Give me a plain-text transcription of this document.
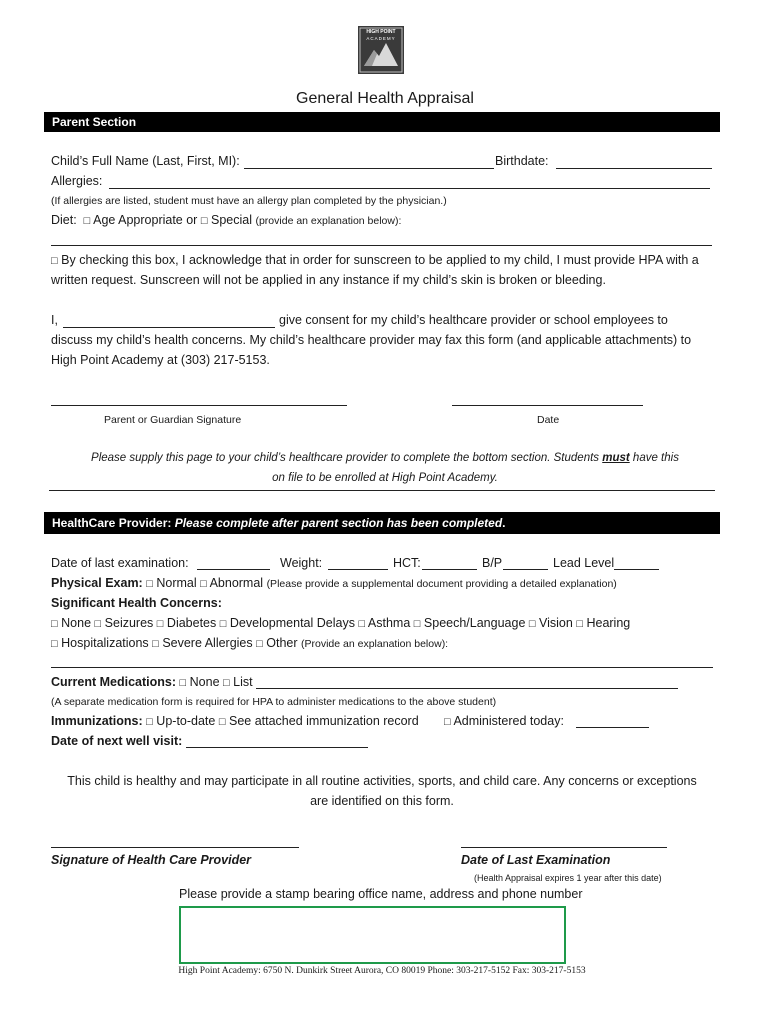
HIGH POINT
ACADEMY
General Health Appraisal
Parent Section
Child’s Full Name (Last, First, MI):	Birthdate:
Allergies:
(If allergies are listed, student must have an allergy plan completed by the physician.)
Diet: □ Age Appropriate or □ Special (provide an explanation below):
□ By checking this box, I acknowledge that in order for sunscreen to be applied to my child, I must provide HPA with a
written request. Sunscreen will not be applied in any instance if my child’s skin is broken or bleeding.
I,	give consent for my child’s healthcare provider or school employees to
discuss my child’s health concerns. My child’s healthcare provider may fax this form (and applicable attachments) to
High Point Academy at (303) 217-5153.
Parent or Guardian Signature	Date
Please supply this page to your child’s healthcare provider to complete the bottom section. Students must have this
on file to be enrolled at High Point Academy.
HealthCare Provider: Please complete after parent section has been completed.
Date of last examination:	Weight:	HCT:	B/P	Lead Level
Physical Exam: □ Normal □ Abnormal (Please provide a supplemental document providing a detailed explanation)
Significant Health Concerns:
□ None □ Seizures □ Diabetes □ Developmental Delays □ Asthma □ Speech/Language □ Vision □ Hearing
□ Hospitalizations □ Severe Allergies □ Other (Provide an explanation below):
Current Medications: □ None □ List
(A separate medication form is required for HPA to administer medications to the above student)
Immunizations: □ Up-to-date □ See attached immunization record □ Administered today:
Date of next well visit:
This child is healthy and may participate in all routine activities, sports, and child care. Any concerns or exceptions
are identified on this form.
Signature of Health Care Provider	Date of Last Examination
(Health Appraisal expires 1 year after this date)
Please provide a stamp bearing office name, address and phone number
High Point Academy: 6750 N. Dunkirk Street Aurora, CO 80019 Phone: 303-217-5152 Fax: 303-217-5153
